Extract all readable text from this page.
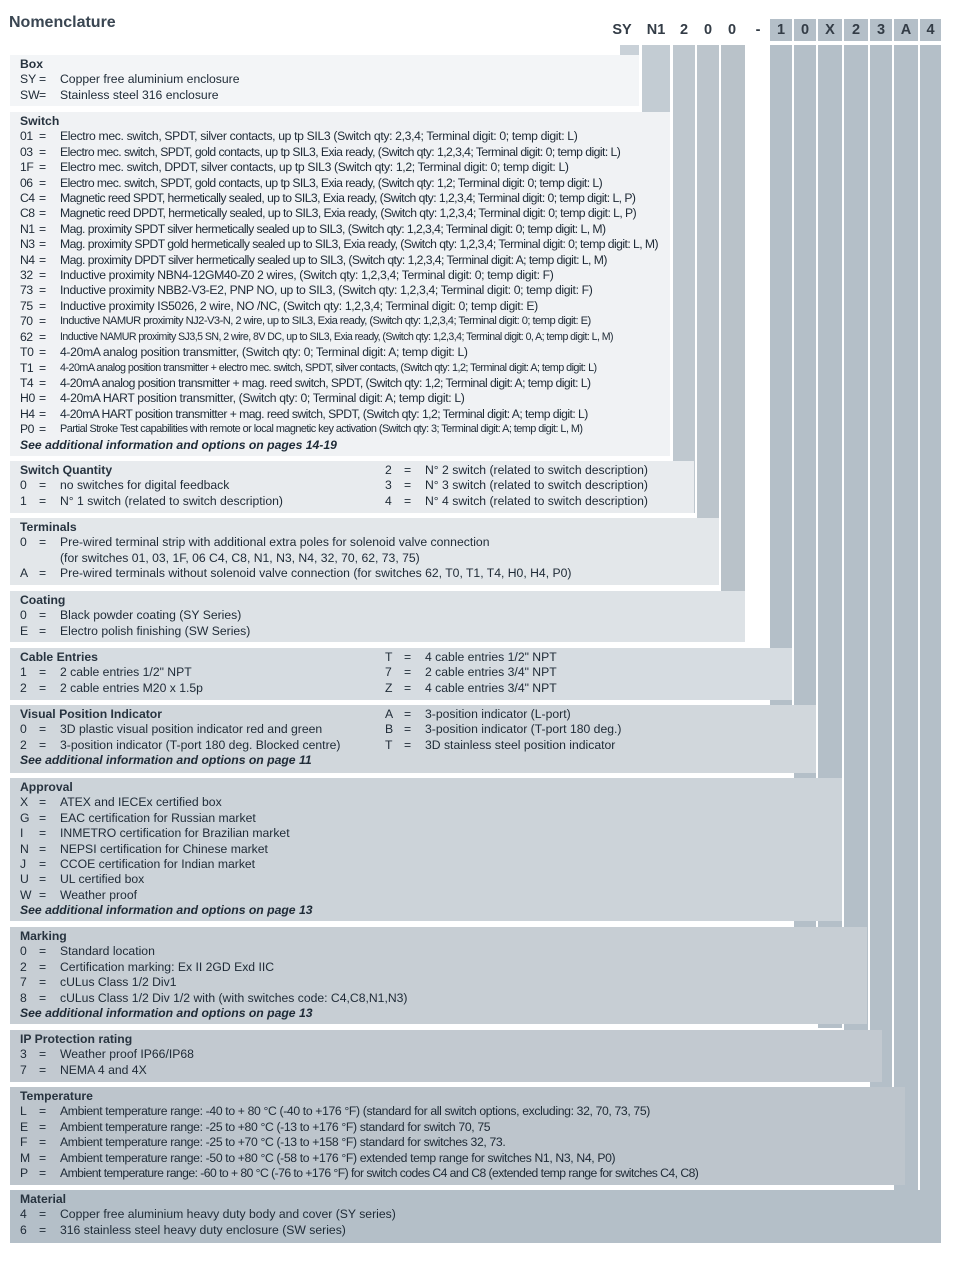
Nomenclature	SY	N1	2	0	0	-	1	0	X	2	3	A	4
Box
SY =	Copper free aluminium enclosure
SW =	Stainless steel 316 enclosure
Switch
01 =	Electro mec. switch, SPDT, silver contacts, up tp SIL3 (Switch qty: 2,3,4; Terminal digit: 0; temp digit: L)
03 =	Electro mec. switch, SPDT, gold contacts, up tp SIL3, Exia ready, (Switch qty: 1,2,3,4; Terminal digit: 0; temp digit: L)
1F =	Electro mec. switch, DPDT, silver contacts, up tp SIL3 (Switch qty: 1,2; Terminal digit: 0; temp digit: L)
06 =	Electro mec. switch, SPDT, gold contacts, up tp SIL3, Exia ready, (Switch qty: 1,2; Terminal digit: 0; temp digit: L)
C4 =	Magnetic reed SPDT, hermetically sealed, up to SIL3, Exia ready, (Switch qty: 1,2,3,4; Terminal digit: 0; temp digit: L, P)
C8 =	Magnetic reed DPDT, hermetically sealed, up to SIL3, Exia ready, (Switch qty: 1,2,3,4; Terminal digit: 0; temp digit: L, P)
N1 =	Mag. proximity SPDT silver hermetically sealed up to SIL3, (Switch qty: 1,2,3,4; Terminal digit: 0; temp digit: L, M)
N3 =	Mag. proximity SPDT gold hermetically sealed up to SIL3, Exia ready, (Switch qty: 1,2,3,4; Terminal digit: 0; temp digit: L, M)
N4 =	Mag. proximity DPDT silver hermetically sealed up to SIL3, (Switch qty: 1,2,3,4; Terminal digit: A; temp digit: L, M)
32 =	Inductive proximity NBN4-12GM40-Z0 2 wires, (Switch qty: 1,2,3,4; Terminal digit: 0; temp digit: F)
73 =	Inductive proximity NBB2-V3-E2, PNP NO, up to SIL3, (Switch qty: 1,2,3,4; Terminal digit: 0; temp digit: F)
75 =	Inductive proximity IS5026, 2 wire, NO /NC, (Switch qty: 1,2,3,4; Terminal digit: 0; temp digit: E)
70 =	Inductive NAMUR proximity NJ2-V3-N, 2 wire, up to SIL3, Exia ready, (Switch qty: 1,2,3,4; Terminal digit: 0; temp digit: E)
62 =	Inductive NAMUR proximity SJ3,5 SN, 2 wire, 8V DC, up to SIL3, Exia ready, (Switch qty: 1,2,3,4; Terminal digit: 0, A; temp digit: L, M)
T0 =	4-20mA analog position transmitter, (Switch qty: 0; Terminal digit: A; temp digit: L)
T1 =	4-20mA analog position transmitter + electro mec. switch, SPDT, silver contacts, (Switch qty: 1,2; Terminal digit: A; temp digit: L)
T4 =	4-20mA analog position transmitter + mag. reed switch, SPDT, (Switch qty: 1,2; Terminal digit: A; temp digit: L)
H0 =	4-20mA HART position transmitter, (Switch qty: 0; Terminal digit: A; temp digit: L)
H4 =	4-20mA HART position transmitter + mag. reed switch, SPDT, (Switch qty: 1,2; Terminal digit: A; temp digit: L)
P0 =	Partial Stroke Test capabilities with remote or local magnetic key activation (Switch qty: 3; Terminal digit: A; temp digit: L, M)
See additional information and options on pages 14-19
Switch Quantity
0	=	no switches for digital feedback
1	=	N° 1 switch (related to switch description)
2	=	N° 2 switch (related to switch description)
3	=	N° 3 switch (related to switch description)
4	=	N° 4 switch (related to switch description)
Terminals
0	=	Pre-wired terminal strip with additional extra poles for solenoid valve connection
(for switches 01, 03, 1F, 06 C4, C8, N1, N3, N4, 32, 70, 62, 73, 75)
A =	Pre-wired terminals without solenoid valve connection (for switches 62, T0, T1, T4, H0, H4, P0)
Coating
0	=	Black powder coating (SY Series)
E =	Electro polish finishing (SW Series)
Cable Entries
1	=	2 cable entries 1/2" NPT
2	=	2 cable entries M20 x 1.5p
T =	4 cable entries 1/2" NPT
7	=	2 cable entries 3/4" NPT
Z =	4 cable entries 3/4" NPT
Visual Position Indicator
0	=	3D plastic visual position indicator red and green
2	=	3-position indicator (T-port 180 deg. Blocked centre)
See additional information and options on page 11
A =	3-position indicator (L-port)
B =	3-position indicator (T-port 180 deg.)
T =	3D stainless steel position indicator
Approval
X =	ATEX and IECEx certified box
G =	EAC certification for Russian market
I	=	INMETRO certification for Brazilian market
N =	NEPSI certification for Chinese market
J	=	CCOE certification for Indian market
U =	UL certified box
W =	Weather proof
See additional information and options on page 13
Marking
0	=	Standard location
2	=	Certification marking: Ex II 2GD Exd IIC
7	=	cULus Class 1/2 Div1
8	=	cULus Class 1/2 Div 1/2 with (with switches code: C4,C8,N1,N3)
See additional information and options on page 13
IP Protection rating
3	=	Weather proof IP66/IP68
7	=	NEMA 4 and 4X
Temperature
L	=	Ambient temperature range: -40 to + 80 °C (-40 to +176 °F) (standard for all switch options, excluding: 32, 70, 73, 75)
E =	Ambient temperature range: -25 to +80 °C (-13 to +176 °F) standard for switch 70, 75
F =	Ambient temperature range: -25 to +70 °C (-13 to +158 °F) standard for switches 32, 73.
M =	Ambient temperature range: -50 to +80 °C (-58 to +176 °F) extended temp range for switches N1, N3, N4, P0)
P =	Ambient temperature range: -60 to + 80 °C (-76 to +176 °F) for switch codes C4 and C8 (extended temp range for switches C4, C8)
Material
4	=	Copper free aluminium heavy duty body and cover (SY series)
6	=	316 stainless steel heavy duty enclosure (SW series)
